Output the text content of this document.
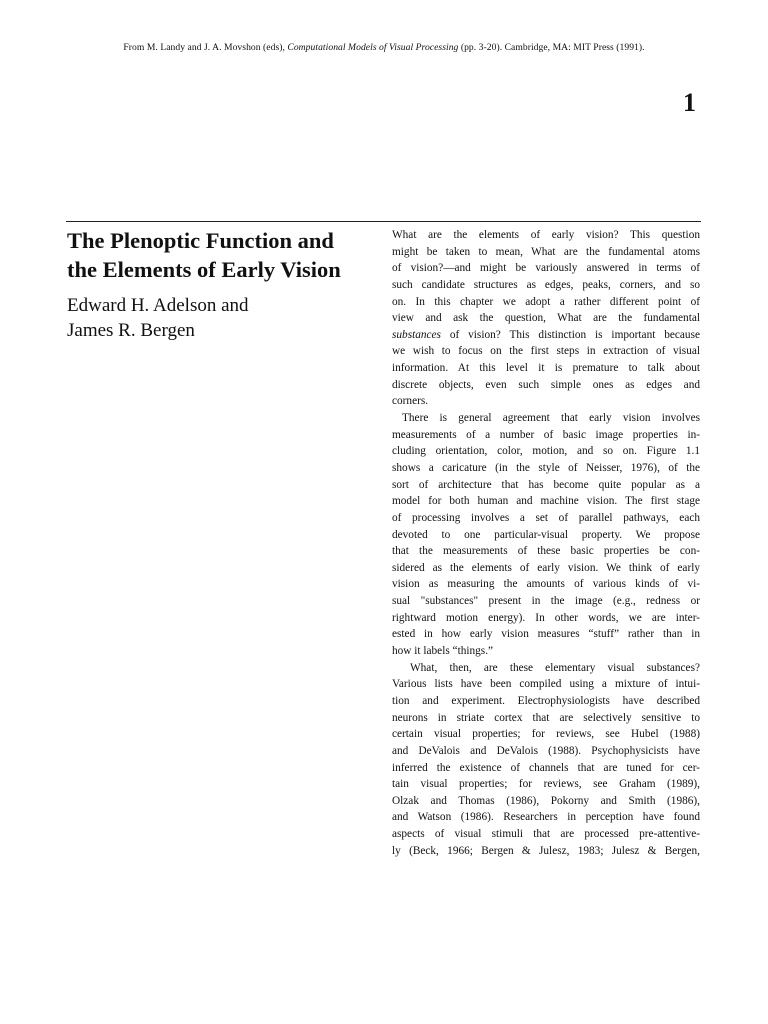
From M. Landy and J. A. Movshon (eds), Computational Models of Visual Processing (pp. 3-20). Cambridge, MA: MIT Press (1991).
1
The Plenoptic Function and
the Elements of Early Vision
Edward H. Adelson and
James R. Bergen
What are the elements of early vision? This question
might be taken to mean, What are the fundamental atoms
of vision?—and might be variously answered in terms of
such candidate structures as edges, peaks, corners, and so
on. In this chapter we adopt a rather different point of
view and ask the question, What are the fundamental
substances of vision? This distinction is important because
we wish to focus on the first steps in extraction of visual
information. At this level it is premature to talk about
discrete objects, even such simple ones as edges and
corners.
There is general agreement that early vision involves
measurements of a number of basic image properties in-
cluding orientation, color, motion, and so on. Figure 1.1
shows a caricature (in the style of Neisser, 1976), of the
sort of architecture that has become quite popular as a
model for both human and machine vision. The first stage
of processing involves a set of parallel pathways, each
devoted to one particular-visual property. We propose
that the measurements of these basic properties be con-
sidered as the elements of early vision. We think of early
vision as measuring the amounts of various kinds of vi-
sual "substances" present in the image (e.g., redness or
rightward motion energy). In other words, we are inter-
ested in how early vision measures “stuff” rather than in
how it labels “things.”
What, then, are these elementary visual substances?
Various lists have been compiled using a mixture of intui-
tion and experiment. Electrophysiologists have described
neurons in striate cortex that are selectively sensitive to
certain visual properties; for reviews, see Hubel (1988)
and DeValois and DeValois (1988). Psychophysicists have
inferred the existence of channels that are tuned for cer-
tain visual properties; for reviews, see Graham (1989),
Olzak and Thomas (1986), Pokorny and Smith (1986),
and Watson (1986). Researchers in perception have found
aspects of visual stimuli that are processed pre-attentive-
ly (Beck, 1966; Bergen & Julesz, 1983; Julesz & Bergen,
